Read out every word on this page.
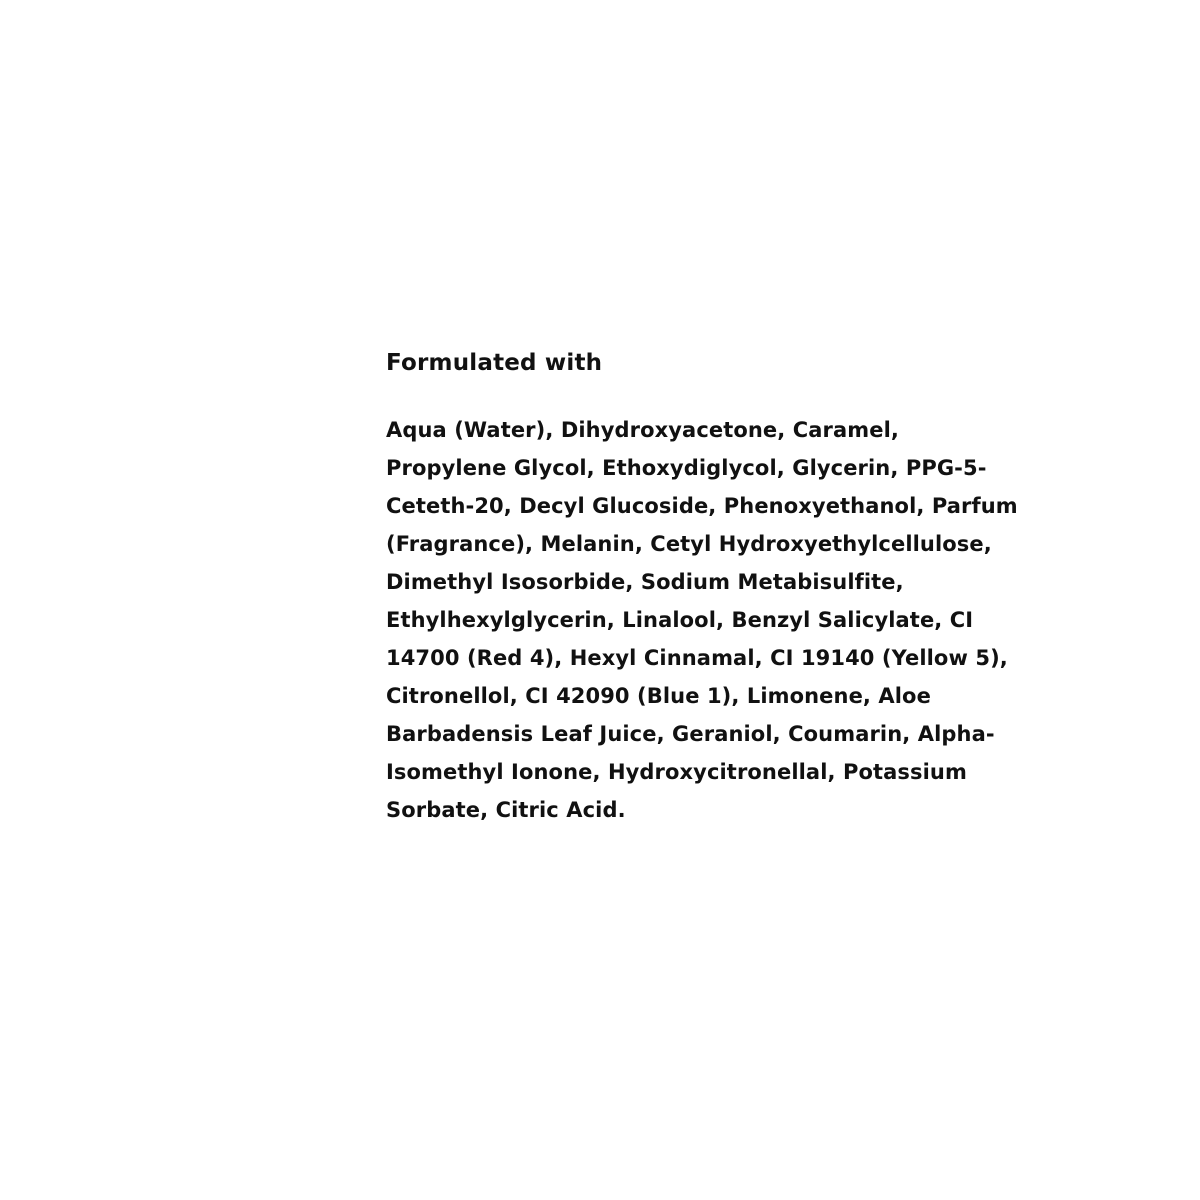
Formulated with
Aqua (Water), Dihydroxyacetone, Caramel,
Propylene Glycol, Ethoxydiglycol, Glycerin, PPG-5-
Ceteth-20, Decyl Glucoside, Phenoxyethanol, Parfum
(Fragrance), Melanin, Cetyl Hydroxyethylcellulose,
Dimethyl Isosorbide, Sodium Metabisulfite,
Ethylhexylglycerin, Linalool, Benzyl Salicylate, CI
14700 (Red 4), Hexyl Cinnamal, CI 19140 (Yellow 5),
Citronellol, CI 42090 (Blue 1), Limonene, Aloe
Barbadensis Leaf Juice, Geraniol, Coumarin, Alpha-
Isomethyl Ionone, Hydroxycitronellal, Potassium
Sorbate, Citric Acid.
